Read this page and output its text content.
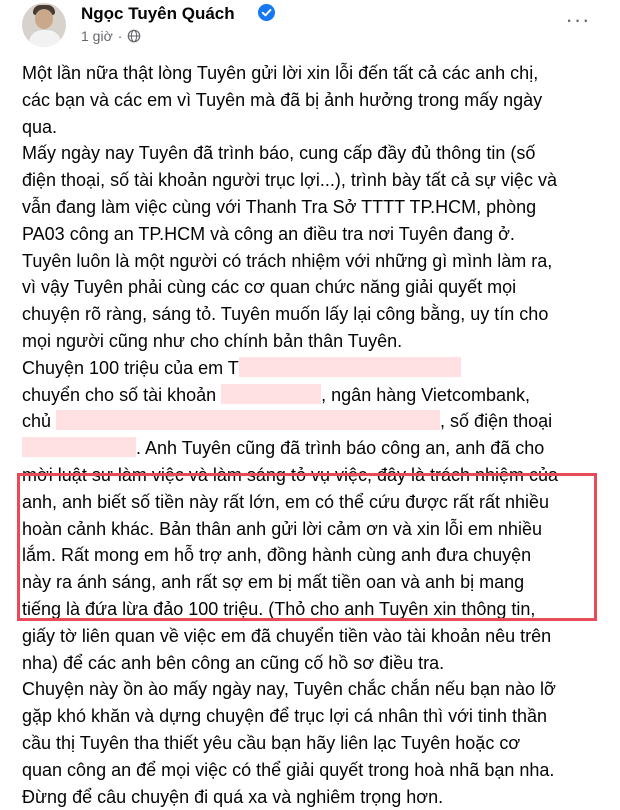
Ngọc Tuyên Quách
1 giờ ·
···

Một lần nữa thật lòng Tuyên gửi lời xin lỗi đến tất cả các anh chị,

các bạn và các em vì Tuyên mà đã bị ảnh hưởng trong mấy ngày

qua.

Mấy ngày nay Tuyên đã trình báo, cung cấp đầy đủ thông tin (số

điện thoại, số tài khoản người trục lợi...), trình bày tất cả sự việc và

vẫn đang làm việc cùng với Thanh Tra Sở TTTT TP.HCM, phòng

PA03 công an TP.HCM và công an điều tra nơi Tuyên đang ở.

Tuyên luôn là một người có trách nhiệm với những gì mình làm ra,

vì vậy Tuyên phải cùng các cơ quan chức năng giải quyết mọi

chuyện rõ ràng, sáng tỏ. Tuyên muốn lấy lại công bằng, uy tín cho

mọi người cũng như cho chính bản thân Tuyên.

Chuyện 100 triệu của em T

chuyển cho số tài khoản	, ngân hàng Vietcombank,

chủ	, số điện thoại

. Anh Tuyên cũng đã trình báo công an, anh đã cho

mời luật sư làm việc và làm sáng tỏ vụ việc, đây là trách nhiệm của

anh, anh biết số tiền này rất lớn, em có thể cứu được rất rất nhiều

hoàn cảnh khác. Bản thân anh gửi lời cảm ơn và xin lỗi em nhiều

lắm. Rất mong em hỗ trợ anh, đồng hành cùng anh đưa chuyện

này ra ánh sáng, anh rất sợ em bị mất tiền oan và anh bị mang

tiếng là đứa lừa đảo 100 triệu. (Thỏ cho anh Tuyên xin thông tin,

giấy tờ liên quan về việc em đã chuyển tiền vào tài khoản nêu trên

nha) để các anh bên công an cũng cố hồ sơ điều tra.

Chuyện này ồn ào mấy ngày nay, Tuyên chắc chắn nếu bạn nào lỡ

gặp khó khăn và dựng chuyện để trục lợi cá nhân thì với tinh thần

cầu thị Tuyên tha thiết yêu cầu bạn hãy liên lạc Tuyên hoặc cơ

quan công an để mọi việc có thể giải quyết trong hoà nhã bạn nha.

Đừng để câu chuyện đi quá xa và nghiêm trọng hơn.
